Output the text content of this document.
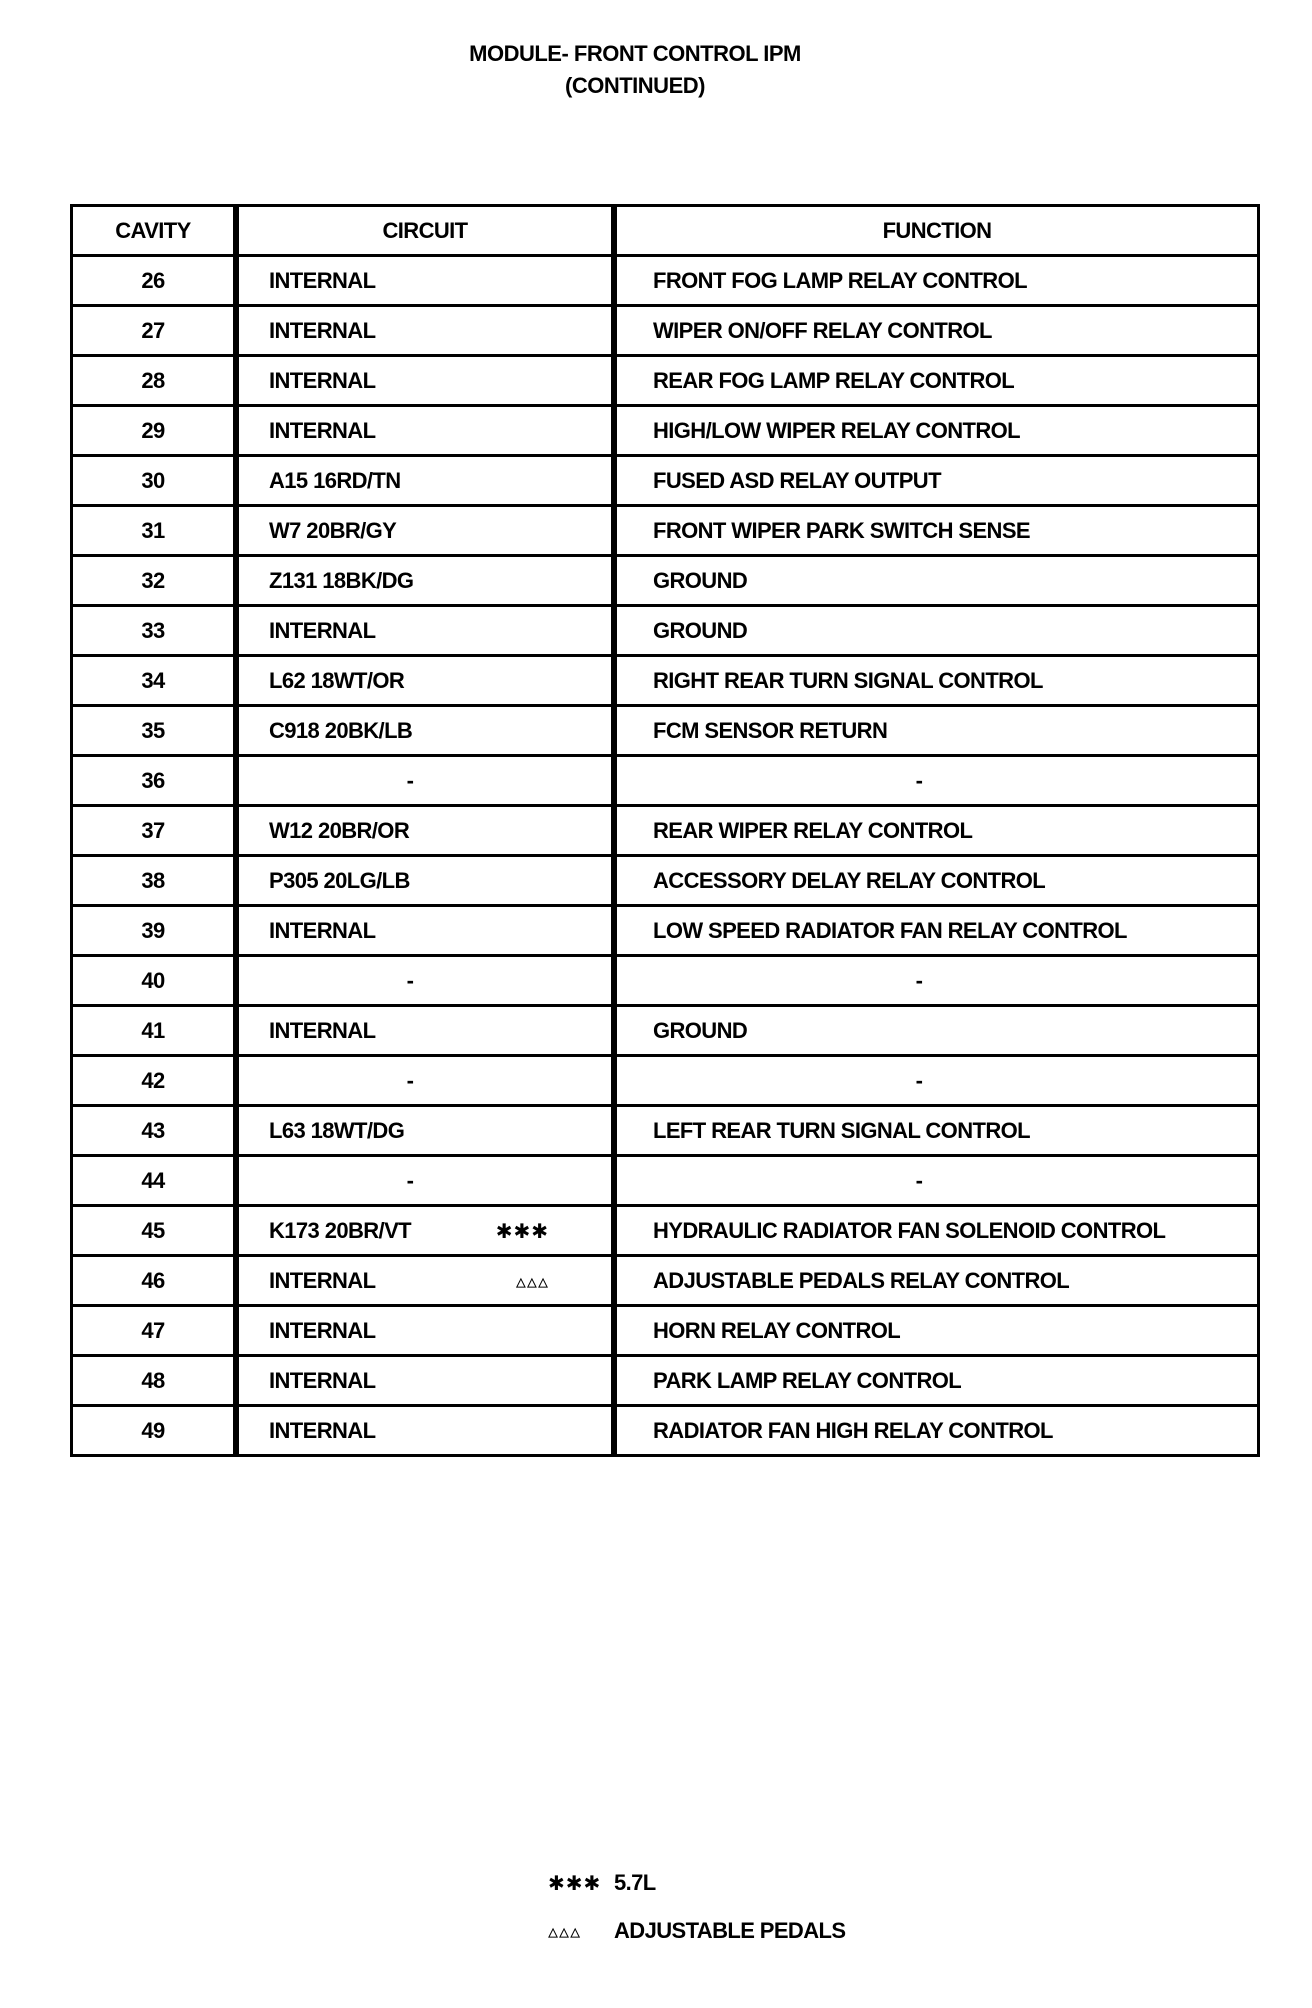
MODULE- FRONT CONTROL IPM
(CONTINUED)
CAVITY	CIRCUIT	FUNCTION
26	INTERNAL	FRONT FOG LAMP RELAY CONTROL
27	INTERNAL	WIPER ON/OFF RELAY CONTROL
28	INTERNAL	REAR FOG LAMP RELAY CONTROL
29	INTERNAL	HIGH/LOW WIPER RELAY CONTROL
30	A15 16RD/TN	FUSED ASD RELAY OUTPUT
31	W7 20BR/GY	FRONT WIPER PARK SWITCH SENSE
32	Z131 18BK/DG	GROUND
33	INTERNAL	GROUND
34	L62 18WT/OR	RIGHT REAR TURN SIGNAL CONTROL
35	C918 20BK/LB	FCM SENSOR RETURN
36	-	-

37	W12 20BR/OR	REAR WIPER RELAY CONTROL
38	P305 20LG/LB	ACCESSORY DELAY RELAY CONTROL
39	INTERNAL	LOW SPEED RADIATOR FAN RELAY CONTROL
40	-	-

41	INTERNAL	GROUND
42	-	-

43	L63 18WT/DG	LEFT REAR TURN SIGNAL CONTROL
44	-	-

45	K173 20BR/VT ✱✱✱	HYDRAULIC RADIATOR FAN SOLENOID CONTROL
46	INTERNAL ▵▵▵	ADJUSTABLE PEDALS RELAY CONTROL
47	INTERNAL	HORN RELAY CONTROL
48	INTERNAL	PARK LAMP RELAY CONTROL
49	INTERNAL	RADIATOR FAN HIGH RELAY CONTROL
✱✱✱ 5.7L
▵▵▵ ADJUSTABLE PEDALS
